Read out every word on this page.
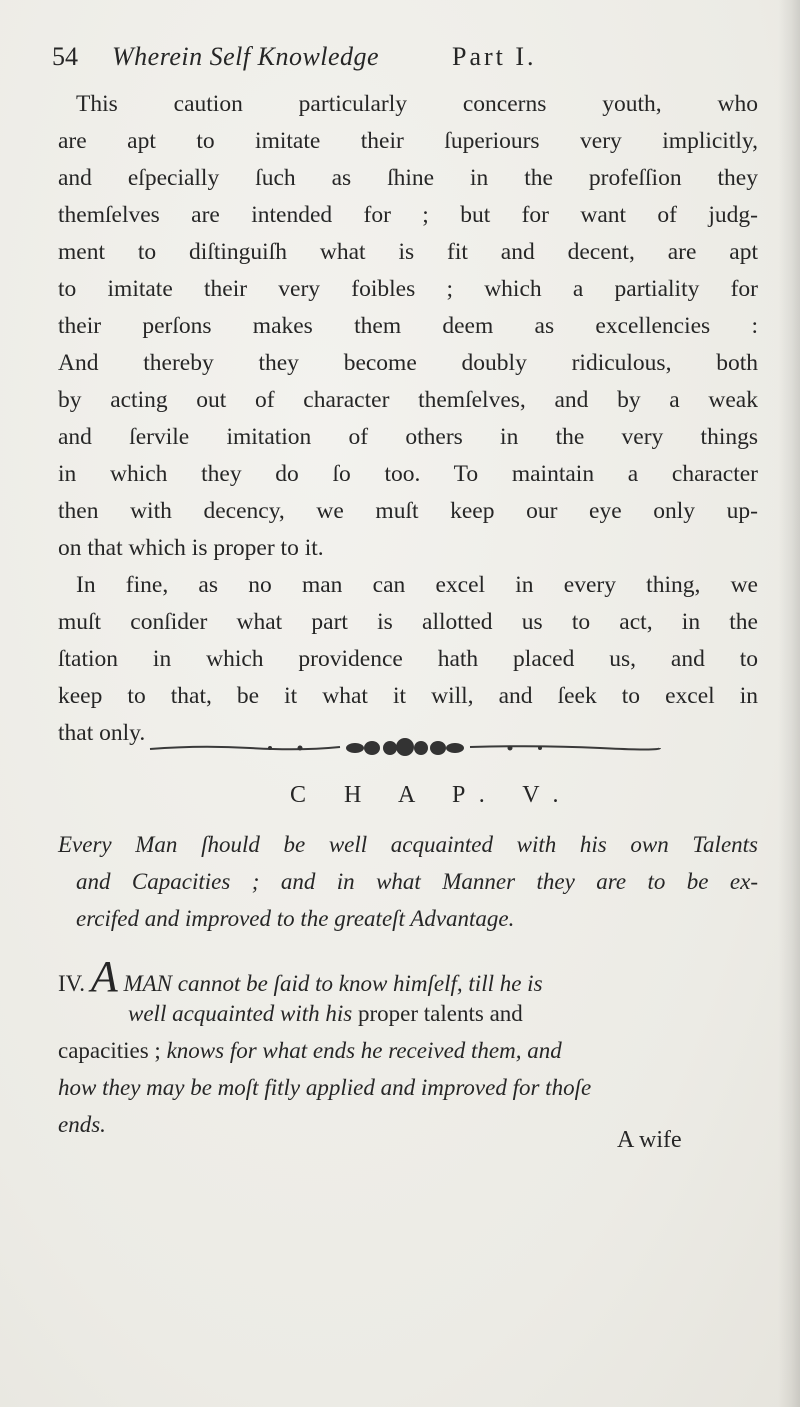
54 Wherein Self Knowledge	Part I.
This caution particularly concerns youth, who
are apt to imitate their ſuperiours very implicitly,
and eſpecially ſuch as ſhine in the profeſſion they
themſelves are intended for ; but for want of judg-
ment to diſtinguiſh what is fit and decent, are apt
to imitate their very foibles ; which a partiality for
their perſons makes them deem as excellencies :
And thereby they become doubly ridiculous, both
by acting out of character themſelves, and by a weak
and ſervile imitation of others in the very things
in which they do ſo too. To maintain a character
then with decency, we muſt keep our eye only up-
on that which is proper to it.
In fine, as no man can excel in every thing, we
muſt conſider what part is allotted us to act, in the
ſtation in which providence hath placed us, and to
keep to that, be it what it will, and ſeek to excel in
that only.
C H A P. V.
Every Man ſhould be well acquainted with his own Talents
and Capacities ; and in what Manner they are to be ex-
ercifed and improved to the greateſt Advantage.
IV. A MAN cannot be ſaid to know himſelf, till he is
well acquainted with his proper talents and
capacities ; knows for what ends he received them, and
how they may be moſt fitly applied and improved for thoſe
ends.
A wife
